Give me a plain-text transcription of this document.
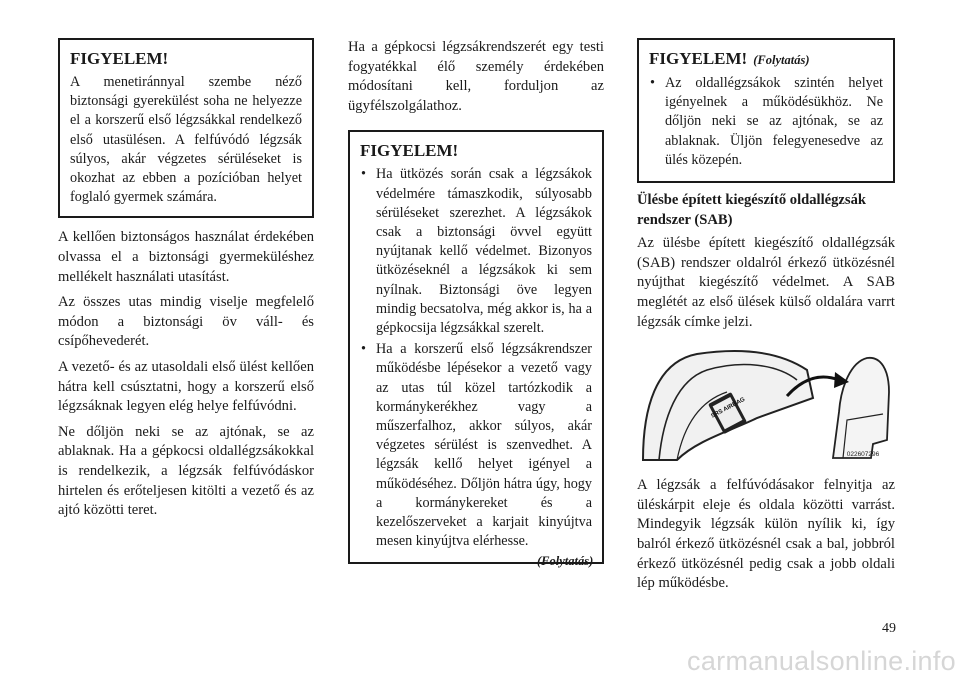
FIGYELEM!

A menetiránnyal szembe néző biztonsági gyerekülést soha ne helyezze el a korszerű első légzsákkal rendelkező első utasülésen. A felfúvódó légzsák súlyos, akár végzetes sérüléseket is okozhat az ebben a pozícióban helyet foglaló gyermek számára.

A kellően biztonságos használat érdekében olvassa el a biztonsági gyermeküléshez mellékelt használati utasítást.

Az összes utas mindig viselje megfelelő módon a biztonsági öv váll- és csípőhevederét.

A vezető- és az utasoldali első ülést kellően hátra kell csúsztatni, hogy a korszerű első légzsáknak legyen elég helye felfúvódni.

Ne dőljön neki se az ajtónak, se az ablaknak. Ha a gépkocsi oldallégzsákokkal is rendelkezik, a légzsák felfúvódáskor hirtelen és erőteljesen kitölti a vezető és az ajtó közötti teret.

Ha a gépkocsi légzsákrendszerét egy testi fogyatékkal élő személy érdekében módosítani kell, forduljon az ügyfélszolgálathoz.

FIGYELEM!
• Ha ütközés során csak a légzsákok védelmére támaszkodik, súlyosabb sérüléseket szerezhet. A légzsákok csak a biztonsági övvel együtt nyújtanak kellő védelmet. Bizonyos ütközéseknél a légzsákok ki sem nyílnak. Biztonsági öve legyen mindig becsatolva, még akkor is, ha a gépkocsija légzsákkal szerelt.
• Ha a korszerű első légzsákrendszer működésbe lépésekor a vezető vagy az utas túl közel tartózkodik a kormánykerékhez vagy a műszerfalhoz, akkor súlyos, akár végzetes sérülést is szenvedhet. A légzsák kellő helyet igényel a működéséhez. Dőljön hátra úgy, hogy a kormánykereket és a kezelőszerveket a karjait kinyújtva mesen kinyújtva elérhesse.
(Folytatás)
FIGYELEM! (Folytatás)
• Az oldallégzsákok szintén helyet igényelnek a működésükhöz. Ne dőljön neki se az ajtónak, se az ablaknak. Üljön felegyenesedve az ülés közepén.
Ülésbe épített kiegészítő oldallégzsák rendszer (SAB)

Az ülésbe épített kiegészítő oldallégzsák (SAB) rendszer oldalról érkező ütközésnél nyújthat kiegészítő védelmet. A SAB meglétét az első ülések külső oldalára varrt légzsák címke jelzi.

SRS AIRBAG
022607296

A légzsák a felfúvódásakor felnyitja az üléskárpit eleje és oldala közötti varrást. Mindegyik légzsák külön nyílik ki, így balról érkező ütközésnél csak a bal, jobbról érkező ütközésnél pedig csak a jobb oldali lép működésbe.

49
carmanualsonline.info
